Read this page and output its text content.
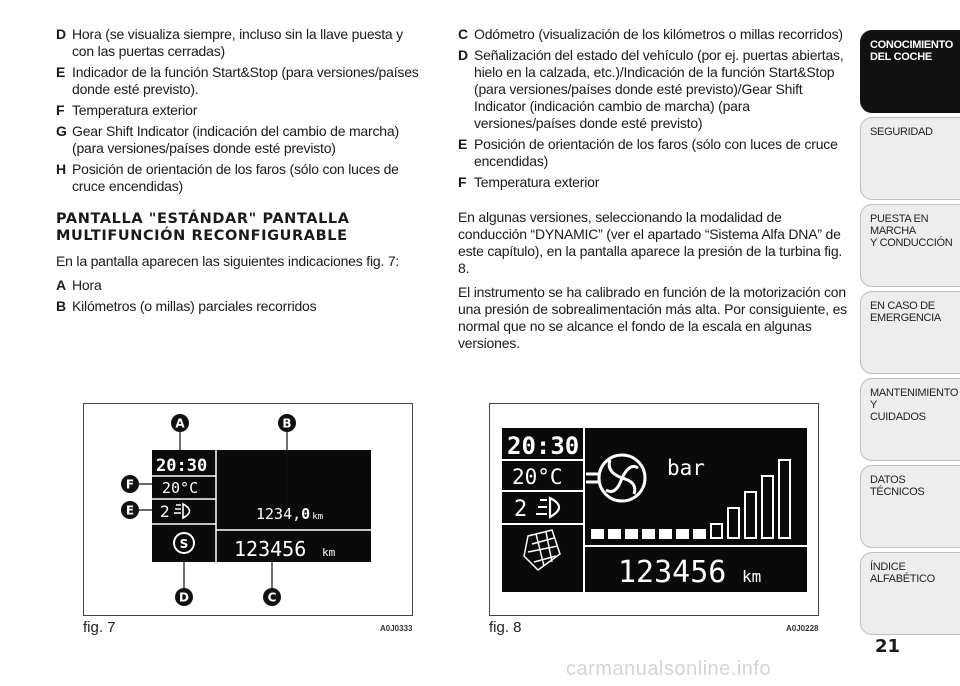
D Hora (se visualiza siempre, incluso sin la llave puesta y con las puertas cerradas)
E Indicador de la función Start&Stop (para versiones/países donde esté previsto).
F Temperatura exterior
G Gear Shift Indicator (indicación del cambio de marcha) (para versiones/países donde esté previsto)
H Posición de orientación de los faros (sólo con luces de cruce encendidas)
PANTALLA "ESTÁNDAR" PANTALLA
MULTIFUNCIÓN RECONFIGURABLE
En la pantalla aparecen las siguientes indicaciones fig. 7:
A Hora
B Kilómetros (o millas) parciales recorridos
C Odómetro (visualización de los kilómetros o millas recorridos)
D Señalización del estado del vehículo (por ej. puertas abiertas, hielo en la calzada, etc.)/Indicación de la función Start&Stop (para versiones/países donde esté previsto)/Gear Shift Indicator (indicación cambio de marcha) (para versiones/países donde esté previsto)
E Posición de orientación de los faros (sólo con luces de cruce encendidas)
F Temperatura exterior
En algunas versiones, seleccionando la modalidad de conducción “DYNAMIC” (ver el apartado “Sistema Alfa DNA” de este capítulo), en la pantalla aparece la presión de la turbina fig. 8.
El instrumento se ha calibrado en función de la motorización con una presión de sobrealimentación más alta. Por consiguiente, es normal que no se alcance el fondo de la escala en algunas versiones.
20:30
20°C
2
S
1234,0 km
123456 km
A	B
C
D
E
F
fig. 7	A0J0333
20:30
20°C
2
bar
123456 km
fig. 8	A0J0228
CONOCIMIENTO
DEL COCHE
SEGURIDAD
PUESTA EN MARCHA
Y CONDUCCIÓN
EN CASO DE
EMERGENCIA
MANTENIMIENTO Y
CUIDADOS
DATOS TÉCNICOS
ÍNDICE ALFABÉTICO
21
carmanualsonline.info
